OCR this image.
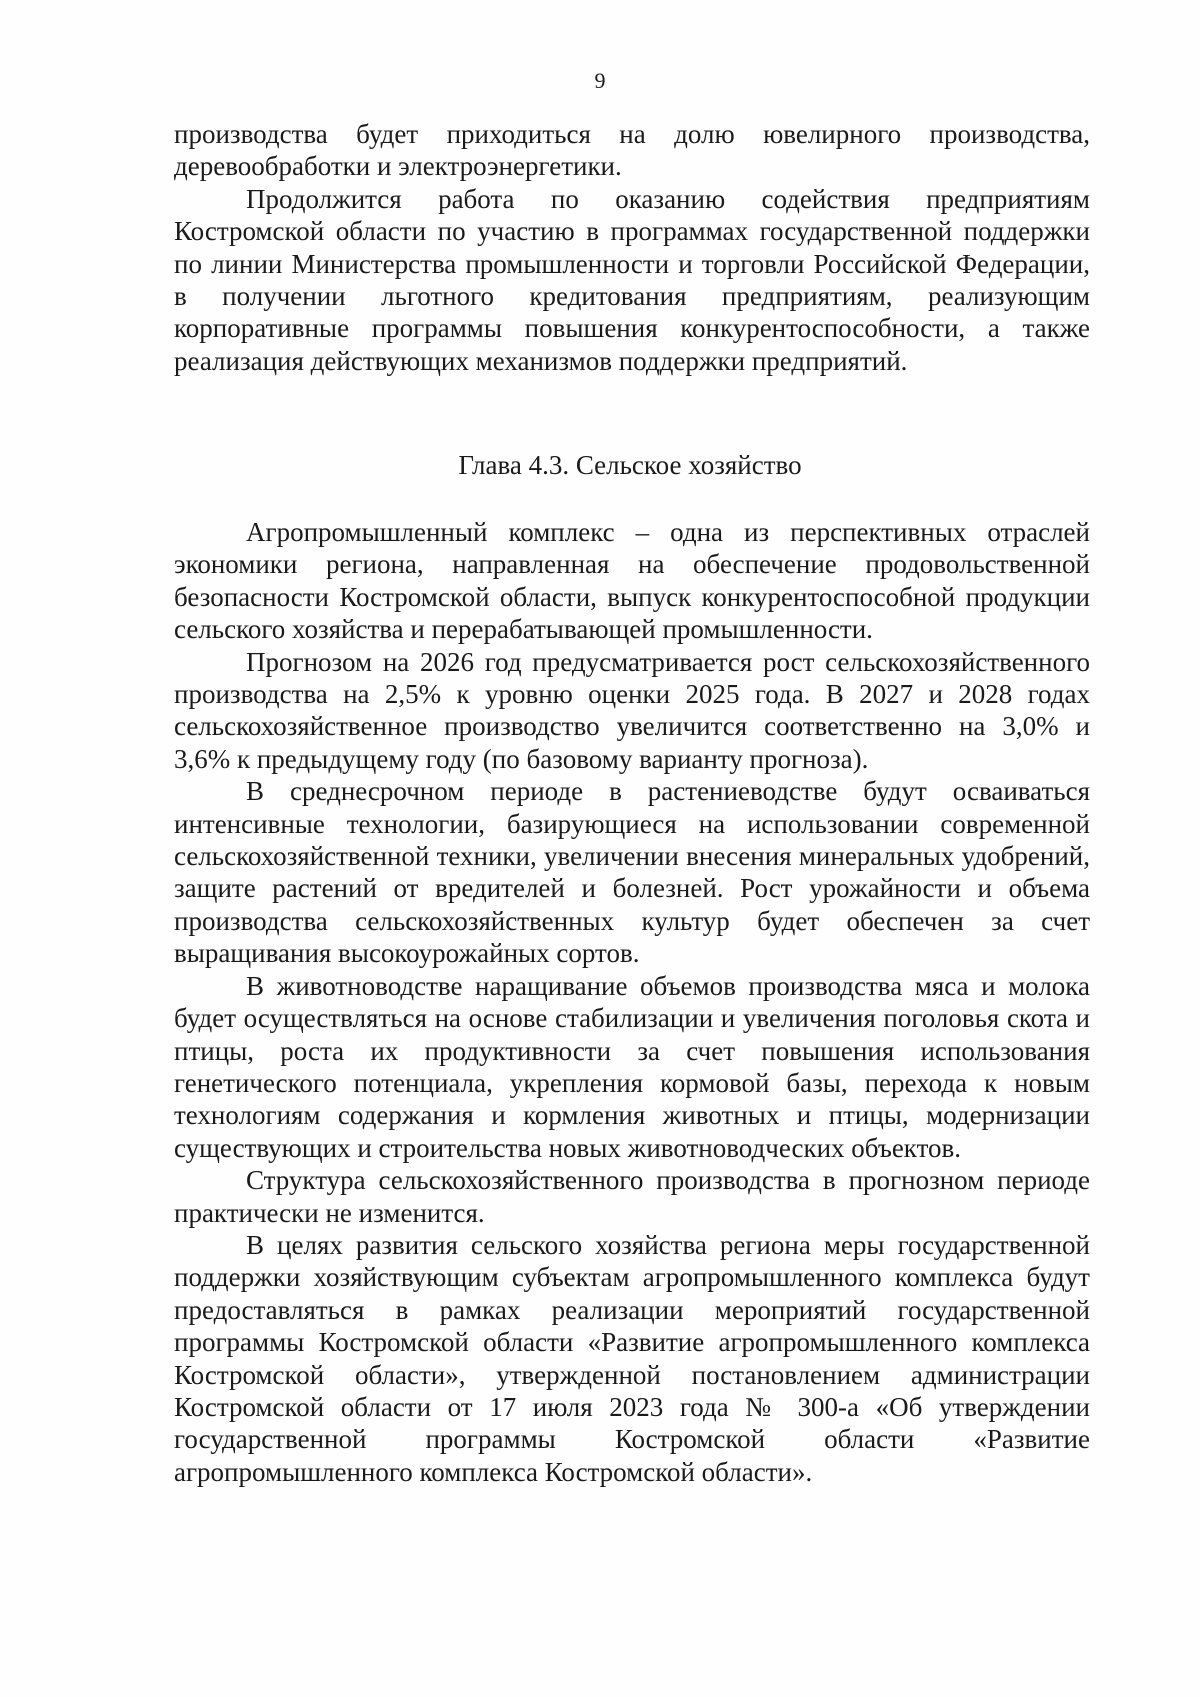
9

производства будет приходиться на долю ювелирного производства, деревообработки и электроэнергетики.

Продолжится работа по оказанию содействия предприятиям Костромской области по участию в программах государственной поддержки по линии Министерства промышленности и торговли Российской Федерации, в получении льготного кредитования предприятиям, реализующим корпоративные программы повышения конкурентоспособности, а также реализация действующих механизмов поддержки предприятий.

Глава 4.3. Сельское хозяйство

Агропромышленный комплекс – одна из перспективных отраслей экономики региона, направленная на обеспечение продовольственной безопасности Костромской области, выпуск конкурентоспособной продукции сельского хозяйства и перерабатывающей промышленности.

Прогнозом на 2026 год предусматривается рост сельскохозяйственного производства на 2,5% к уровню оценки 2025 года. В 2027 и 2028 годах сельскохозяйственное производство увеличится соответственно на 3,0% и 3,6% к предыдущему году (по базовому варианту прогноза).

В среднесрочном периоде в растениеводстве будут осваиваться интенсивные технологии, базирующиеся на использовании современной сельскохозяйственной техники, увеличении внесения минеральных удобрений, защите растений от вредителей и болезней. Рост урожайности и объема производства сельскохозяйственных культур будет обеспечен за счет выращивания высокоурожайных сортов.

В животноводстве наращивание объемов производства мяса и молока будет осуществляться на основе стабилизации и увеличения поголовья скота и птицы, роста их продуктивности за счет повышения использования генетического потенциала, укрепления кормовой базы, перехода к новым технологиям содержания и кормления животных и птицы, модернизации существующих и строительства новых животноводческих объектов.

Структура сельскохозяйственного производства в прогнозном периоде практически не изменится.

В целях развития сельского хозяйства региона меры государственной поддержки хозяйствующим субъектам агропромышленного комплекса будут предоставляться в рамках реализации мероприятий государственной программы Костромской области «Развитие агропромышленного комплекса Костромской области», утвержденной постановлением администрации Костромской области от 17 июля 2023 года № 300-а «Об утверждении государственной программы Костромской области «Развитие агропромышленного комплекса Костромской области».
